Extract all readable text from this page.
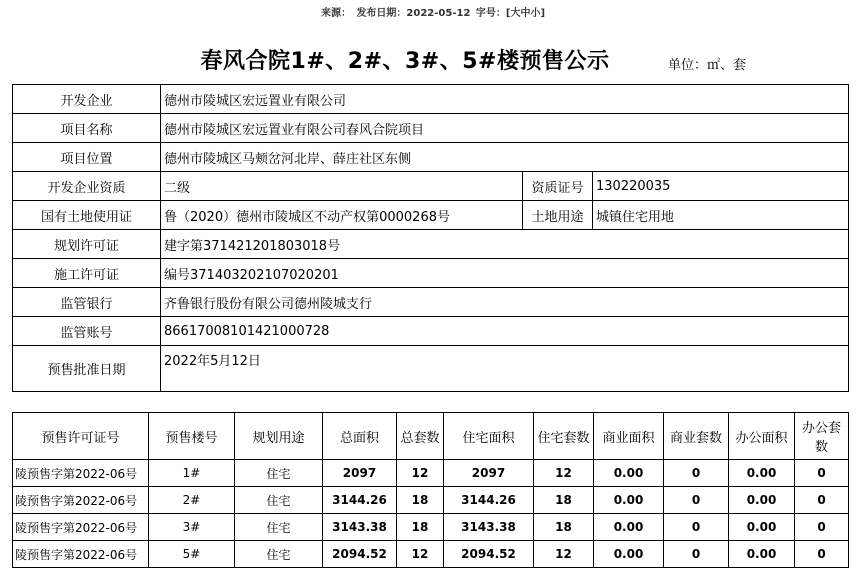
来源： 发布日期：2022-05-12 字号：[大中小]
春风合院1#、2#、3#、5#楼预售公示	单位：㎡、套
开发企业	德州市陵城区宏远置业有限公司		
项目名称	德州市陵城区宏远置业有限公司春风合院项目		
项目位置	德州市陵城区马颊岔河北岸、薛庄社区东侧		
开发企业资质	二级	资质证号	130220035
国有土地使用证	鲁（2020）德州市陵城区不动产权第0000268号	土地用途	城镇住宅用地
规划许可证	建字第371421201803018号		
施工许可证	编号371403202107020201		
监管银行	齐鲁银行股份有限公司德州陵城支行		
监管账号	86617008101421000728		
预售批准日期	2022年5月12日		
预售许可证号	预售楼号	规划用途	总面积	总套数	住宅面积	住宅套数	商业面积	商业套数	办公面积	办公套数
陵预售字第2022-06号	1#	住宅	2097	12	2097	12	0.00	0	0.00	0
陵预售字第2022-06号	2#	住宅	3144.26	18	3144.26	18	0.00	0	0.00	0
陵预售字第2022-06号	3#	住宅	3143.38	18	3143.38	18	0.00	0	0.00	0
陵预售字第2022-06号	5#	住宅	2094.52	12	2094.52	12	0.00	0	0.00	0
